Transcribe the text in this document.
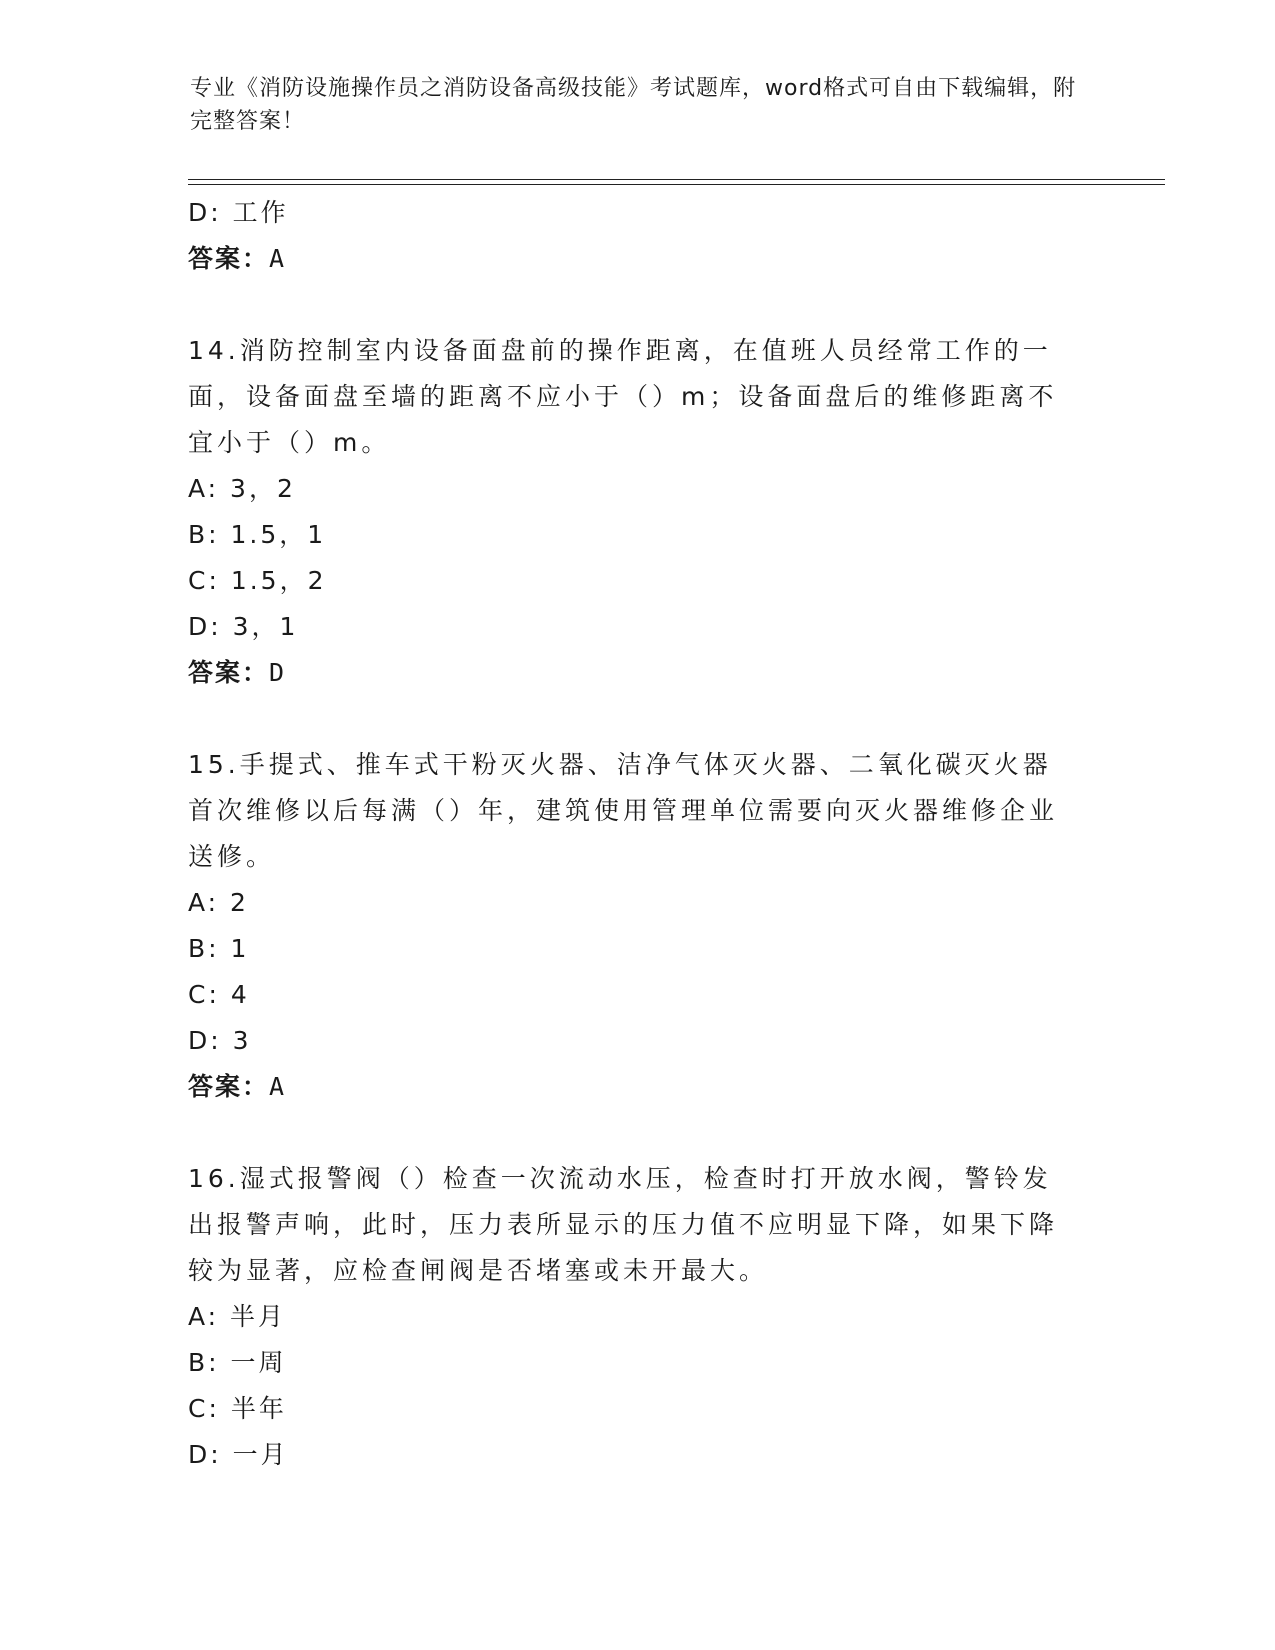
专业《消防设施操作员之消防设备高级技能》考试题库，word格式可自由下载编辑，附完整答案！
D: 工作
答案：A
14.消防控制室内设备面盘前的操作距离，在值班人员经常工作的一面，设备面盘至墙的距离不应小于（）m；设备面盘后的维修距离不宜小于（）m。
A: 3，2
B: 1.5，1
C: 1.5，2
D: 3，1
答案：D
15.手提式、推车式干粉灭火器、洁净气体灭火器、二氧化碳灭火器首次维修以后每满（）年，建筑使用管理单位需要向灭火器维修企业送修。
A: 2
B: 1
C: 4
D: 3
答案：A
16.湿式报警阀（）检查一次流动水压，检查时打开放水阀，警铃发出报警声响，此时，压力表所显示的压力值不应明显下降，如果下降较为显著，应检查闸阀是否堵塞或未开最大。
A: 半月
B: 一周
C: 半年
D: 一月
